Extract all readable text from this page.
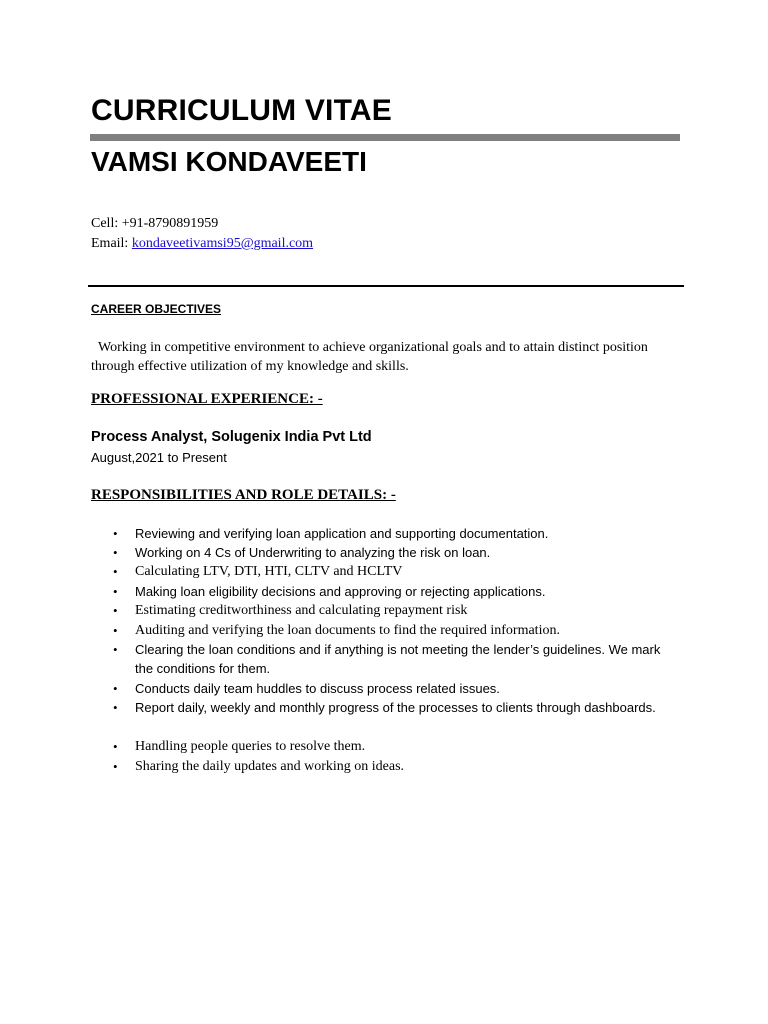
CURRICULUM VITAE
VAMSI KONDAVEETI
Cell: +91-8790891959
Email: kondaveetivamsi95@gmail.com
CAREER OBJECTIVES
Working in competitive environment to achieve organizational goals and to attain distinct position through effective utilization of my knowledge and skills.
PROFESSIONAL EXPERIENCE: -
Process Analyst, Solugenix India Pvt Ltd
August,2021 to Present
RESPONSIBILITIES AND ROLE DETAILS: -
• Reviewing and verifying loan application and supporting documentation.
• Working on 4 Cs of Underwriting to analyzing the risk on loan.
• Calculating LTV, DTI, HTI, CLTV and HCLTV
• Making loan eligibility decisions and approving or rejecting applications.
• Estimating creditworthiness and calculating repayment risk
• Auditing and verifying the loan documents to find the required information.
• Clearing the loan conditions and if anything is not meeting the lender’s guidelines. We mark the conditions for them.
• Conducts daily team huddles to discuss process related issues.
• Report daily, weekly and monthly progress of the processes to clients through dashboards.
• Handling people queries to resolve them.
• Sharing the daily updates and working on ideas.
